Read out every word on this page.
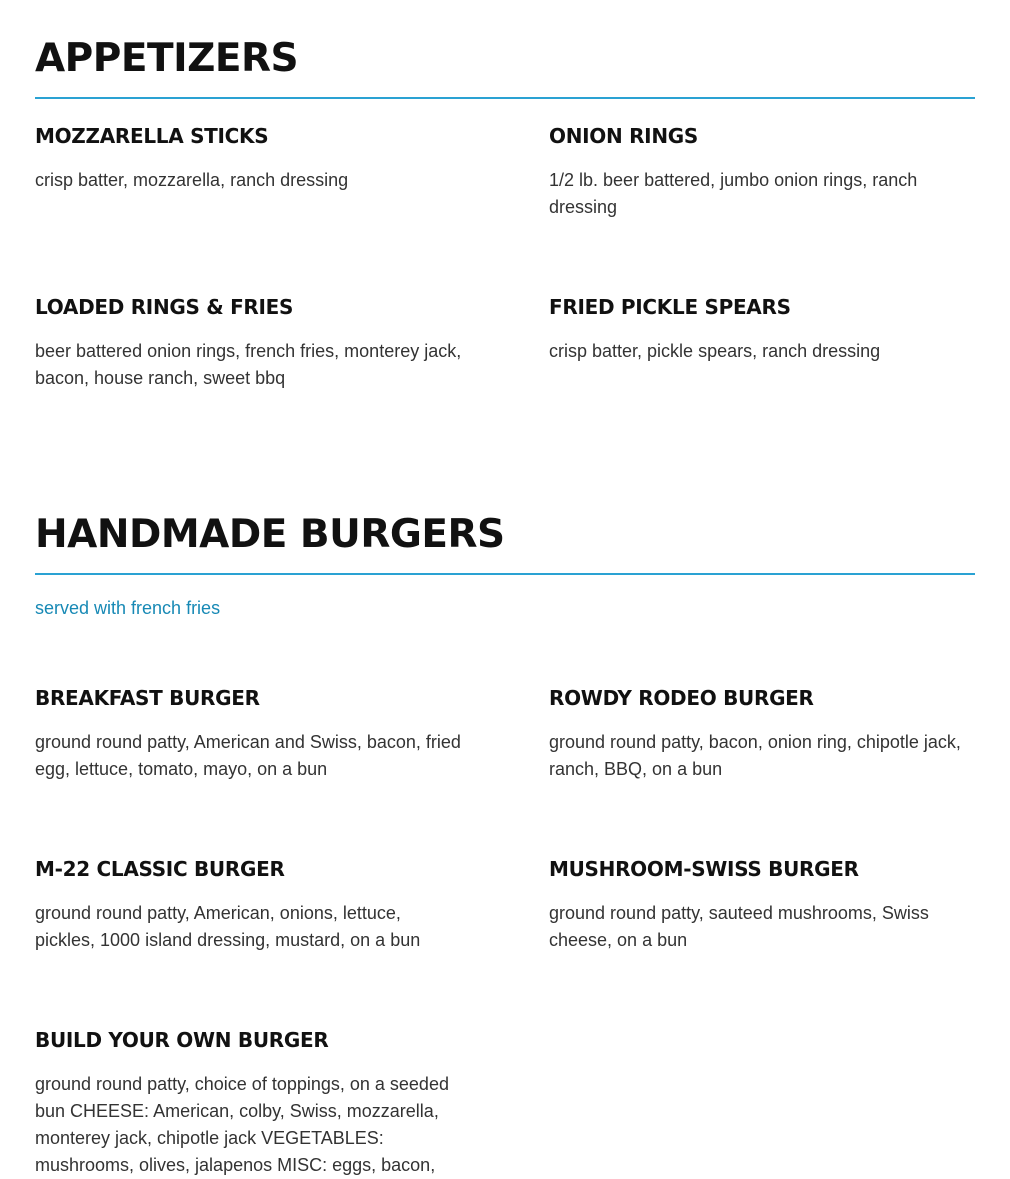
APPETIZERS
MOZZARELLA STICKS

crisp batter, mozzarella, ranch dressing

ONION RINGS

1/2 lb. beer battered, jumbo onion rings, ranch dressing

LOADED RINGS & FRIES

beer battered onion rings, french fries, monterey jack, bacon, house ranch, sweet bbq

FRIED PICKLE SPEARS

crisp batter, pickle spears, ranch dressing

HANDMADE BURGERS
served with french fries
BREAKFAST BURGER

ground round patty, American and Swiss, bacon, fried egg, lettuce, tomato, mayo, on a bun

ROWDY RODEO BURGER

ground round patty, bacon, onion ring, chipotle jack, ranch, BBQ, on a bun

M-22 CLASSIC BURGER

ground round patty, American, onions, lettuce, pickles, 1000 island dressing, mustard, on a bun

MUSHROOM-SWISS BURGER

ground round patty, sauteed mushrooms, Swiss cheese, on a bun

BUILD YOUR OWN BURGER

ground round patty, choice of toppings, on a seeded bun CHEESE: American, colby, Swiss, mozzarella, monterey jack, chipotle jack VEGETABLES: mushrooms, olives, jalapenos MISC: eggs, bacon,
